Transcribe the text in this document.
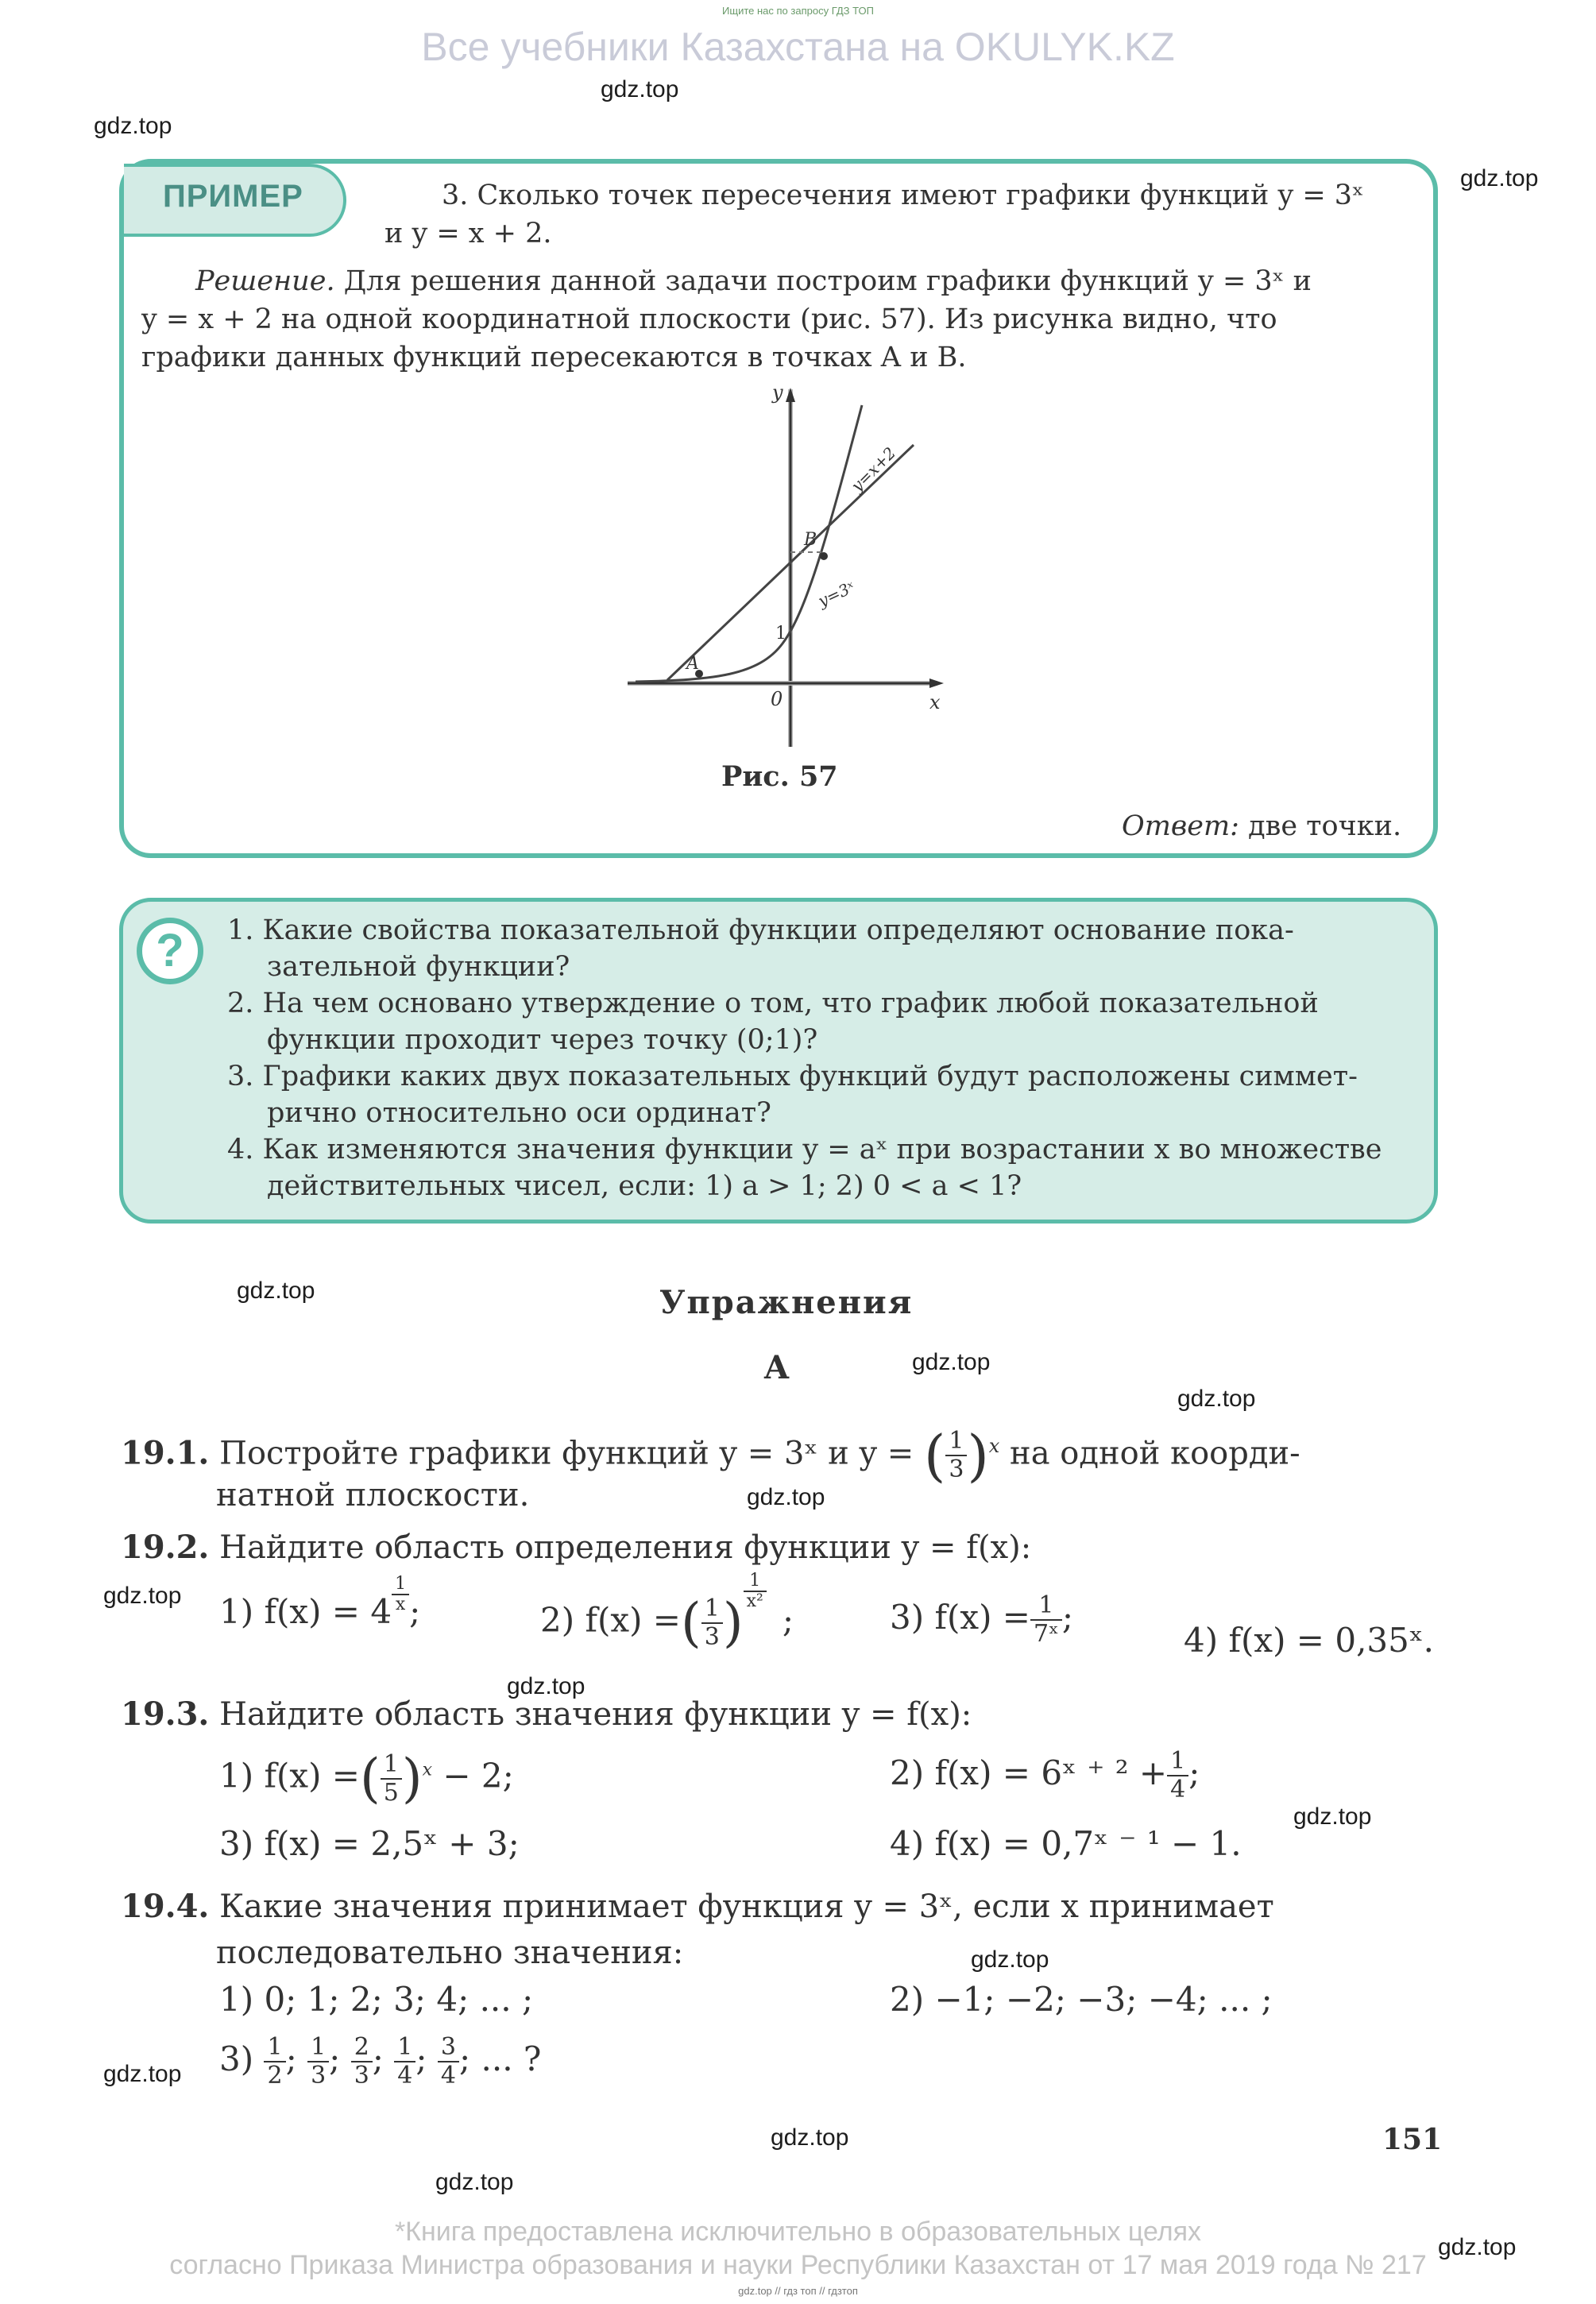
Ищите нас по запросу ГДЗ ТОП
Все учебники Казахстана на OKULYK.KZ
gdz.top
gdz.top
gdz.top
gdz.top
gdz.top
gdz.top
gdz.top
gdz.top
gdz.top
gdz.top
gdz.top
gdz.top
gdz.top
gdz.top
gdz.top
ПРИМЕР	3. Сколько точек пересечения имеют графики функций y = 3ˣ
и y = x + 2.
Решение. Для решения данной задачи построим графики функций y = 3ˣ и
y = x + 2 на одной координатной плоскости (рис. 57). Из рисунка видно, что
графики данных функций пересекаются в точках A и B.
y
x
0
1
A
B
y=x+2
y=3ˣ
Рис. 57
Ответ: две точки.
?	1. Какие свойства показательной функции определяют основание пока-
зательной функции?
2. На чем основано утверждение о том, что график любой показательной
функции проходит через точку (0;1)?
3. Графики каких двух показательных функций будут расположены симмет-
рично относительно оси ординат?
4. Как изменяются значения функции y = aˣ при возрастании x во множестве
действительных чисел, если: 1) a > 1; 2) 0 < a < 1?
Упражнения
A
19.1. Постройте графики функций y = 3ˣ и y = ( $\frac{1}{3} )^x$ на одной коорди-
натной плоскости.
19.2. Найдите область определения функции y = f(x):
1) $f(x) = 4 \frac{1}{x}$ ;	2) f(x) =( $\frac{1}{3}$ )
$\frac{1}{\text{x²}}$
;	3) $f(x) = \frac{1}{\text{7ˣ}}$ ;
4) f(x) = 0,35ˣ.
19.3. Найдите область значения функции y = f(x):
1) f(x) =( $\frac{1}{5} )^x - 2$;	2) f(x) = 6ˣ ⁺ $^2 + \frac{1}{4}$ ;
3) f(x) = 2,5ˣ + 3;	4) f(x) = 0,7ˣ ⁻ ¹ − 1.
19.4. Какие значения принимает функция y = 3ˣ, если x принимает
последовательно значения:
1) 0; 1; 2; 3; 4; ... ;	2) −1; −2; −3; −4; ... ;
$3) \frac{1}{2}$ ; $\frac{1}{3}$ ; $\frac{2}{3}$ ; $\frac{1}{4}$ ; $\frac{3}{4}$ ; ... ?
151
*Книга предоставлена исключительно в образовательных целях
согласно Приказа Министра образования и науки Республики Казахстан от 17 мая 2019 года № 217
gdz.top // гдз топ // гдзтоп
